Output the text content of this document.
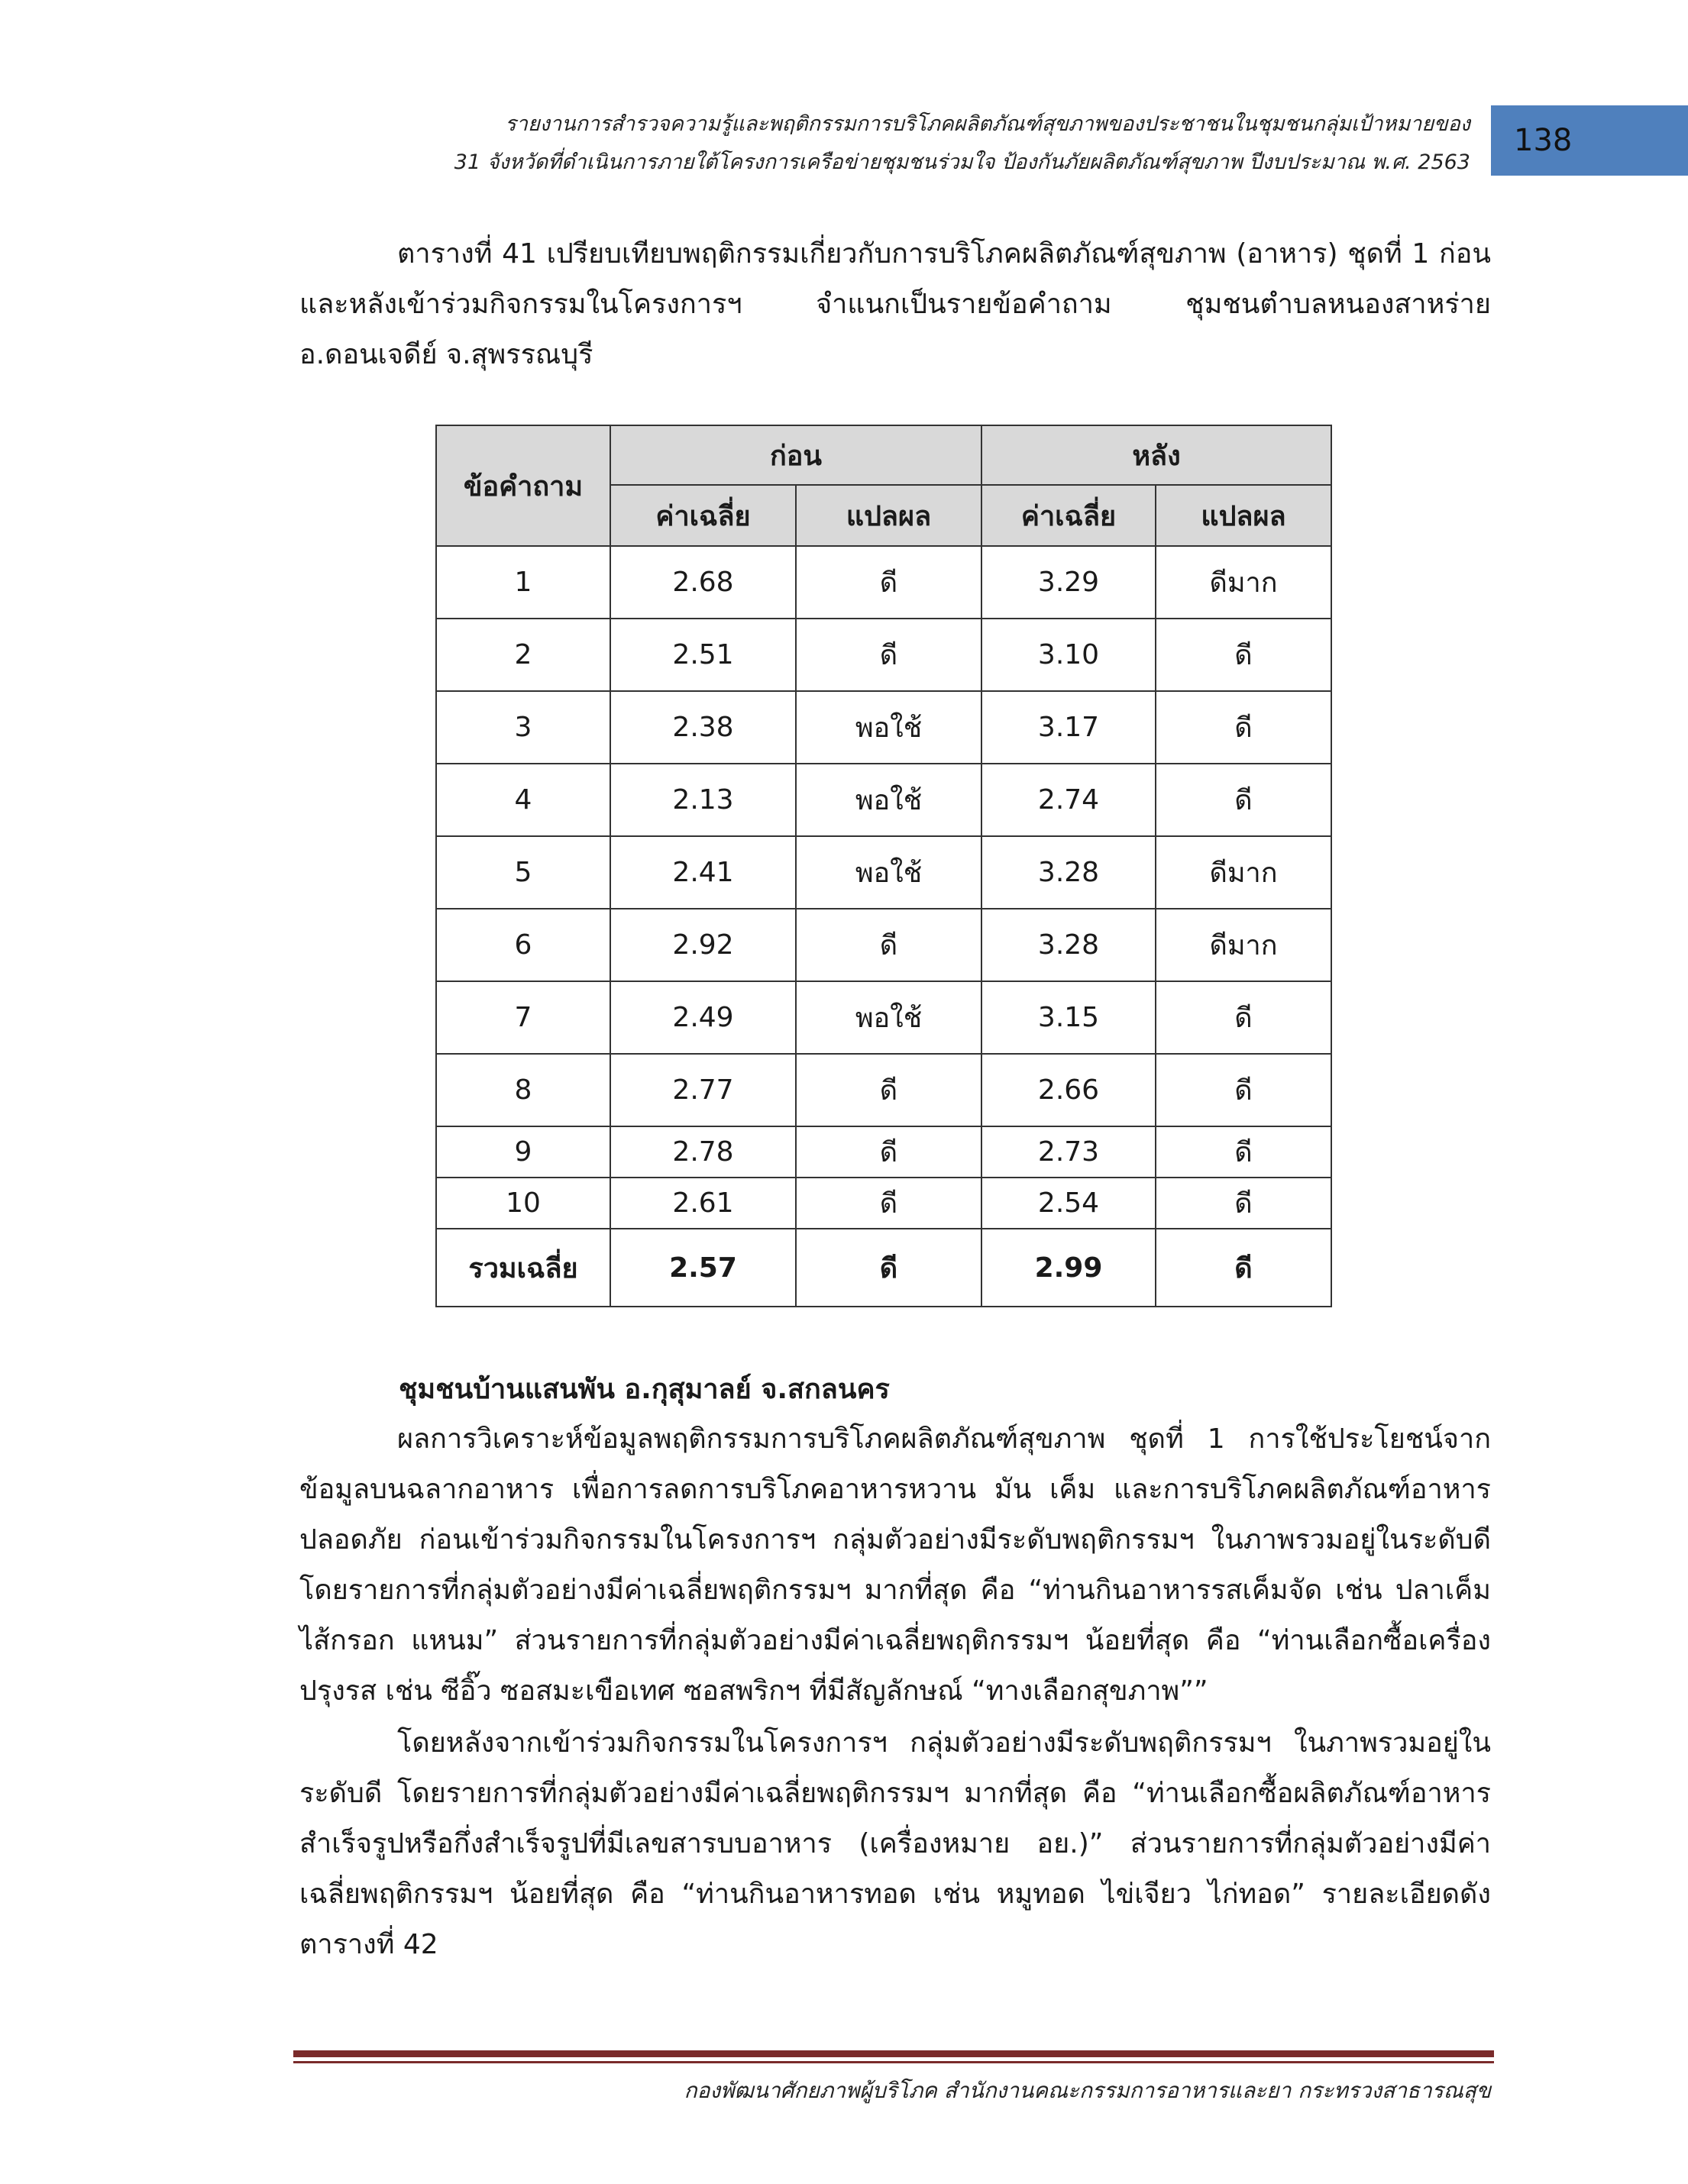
รายงานการสำรวจความรู้และพฤติกรรมการบริโภคผลิตภัณฑ์สุขภาพของประชาชนในชุมชนกลุ่มเป้าหมายของ
31 จังหวัดที่ดำเนินการภายใต้โครงการเครือข่ายชุมชนร่วมใจ ป้องกันภัยผลิตภัณฑ์สุขภาพ ปีงบประมาณ พ.ศ. 2563
138
ตารางที่ 41 เปรียบเทียบพฤติกรรมเกี่ยวกับการบริโภคผลิตภัณฑ์สุขภาพ (อาหาร) ชุดที่ 1 ก่อนและหลังเข้าร่วมกิจกรรมในโครงการฯ จำแนกเป็นรายข้อคำถาม ชุมชนตำบลหนองสาหร่าย อ.ดอนเจดีย์ จ.สุพรรณบุรี
ข้อคำถาม	ก่อน		หลัง	
	ค่าเฉลี่ย	แปลผล	ค่าเฉลี่ย	แปลผล
1	2.68	ดี	3.29	ดีมาก
2	2.51	ดี	3.10	ดี
3	2.38	พอใช้	3.17	ดี
4	2.13	พอใช้	2.74	ดี
5	2.41	พอใช้	3.28	ดีมาก
6	2.92	ดี	3.28	ดีมาก
7	2.49	พอใช้	3.15	ดี
8	2.77	ดี	2.66	ดี
9	2.78	ดี	2.73	ดี
10	2.61	ดี	2.54	ดี
รวมเฉลี่ย	2.57	ดี	2.99	ดี
ชุมชนบ้านแสนพัน อ.กุสุมาลย์ จ.สกลนคร
ผลการวิเคราะห์ข้อมูลพฤติกรรมการบริโภคผลิตภัณฑ์สุขภาพ ชุดที่ 1 การใช้ประโยชน์จากข้อมูลบนฉลากอาหาร เพื่อการลดการบริโภคอาหารหวาน มัน เค็ม และการบริโภคผลิตภัณฑ์อาหารปลอดภัย ก่อนเข้าร่วมกิจกรรมในโครงการฯ กลุ่มตัวอย่างมีระดับพฤติกรรมฯ ในภาพรวมอยู่ในระดับดี โดยรายการที่กลุ่มตัวอย่างมีค่าเฉลี่ยพฤติกรรมฯ มากที่สุด คือ “ท่านกินอาหารรสเค็มจัด เช่น ปลาเค็ม ไส้กรอก แหนม” ส่วนรายการที่กลุ่มตัวอย่างมีค่าเฉลี่ยพฤติกรรมฯ น้อยที่สุด คือ “ท่านเลือกซื้อเครื่องปรุงรส เช่น ซีอิ๊ว ซอสมะเขือเทศ ซอสพริกฯ ที่มีสัญลักษณ์ “ทางเลือกสุขภาพ””
โดยหลังจากเข้าร่วมกิจกรรมในโครงการฯ กลุ่มตัวอย่างมีระดับพฤติกรรมฯ ในภาพรวมอยู่ในระดับดี โดยรายการที่กลุ่มตัวอย่างมีค่าเฉลี่ยพฤติกรรมฯ มากที่สุด คือ “ท่านเลือกซื้อผลิตภัณฑ์อาหารสำเร็จรูปหรือกึ่งสำเร็จรูปที่มีเลขสารบบอาหาร (เครื่องหมาย อย.)” ส่วนรายการที่กลุ่มตัวอย่างมีค่าเฉลี่ยพฤติกรรมฯ น้อยที่สุด คือ “ท่านกินอาหารทอด เช่น หมูทอด ไข่เจียว ไก่ทอด” รายละเอียดดังตารางที่ 42
กองพัฒนาศักยภาพผู้บริโภค สำนักงานคณะกรรมการอาหารและยา กระทรวงสาธารณสุข
